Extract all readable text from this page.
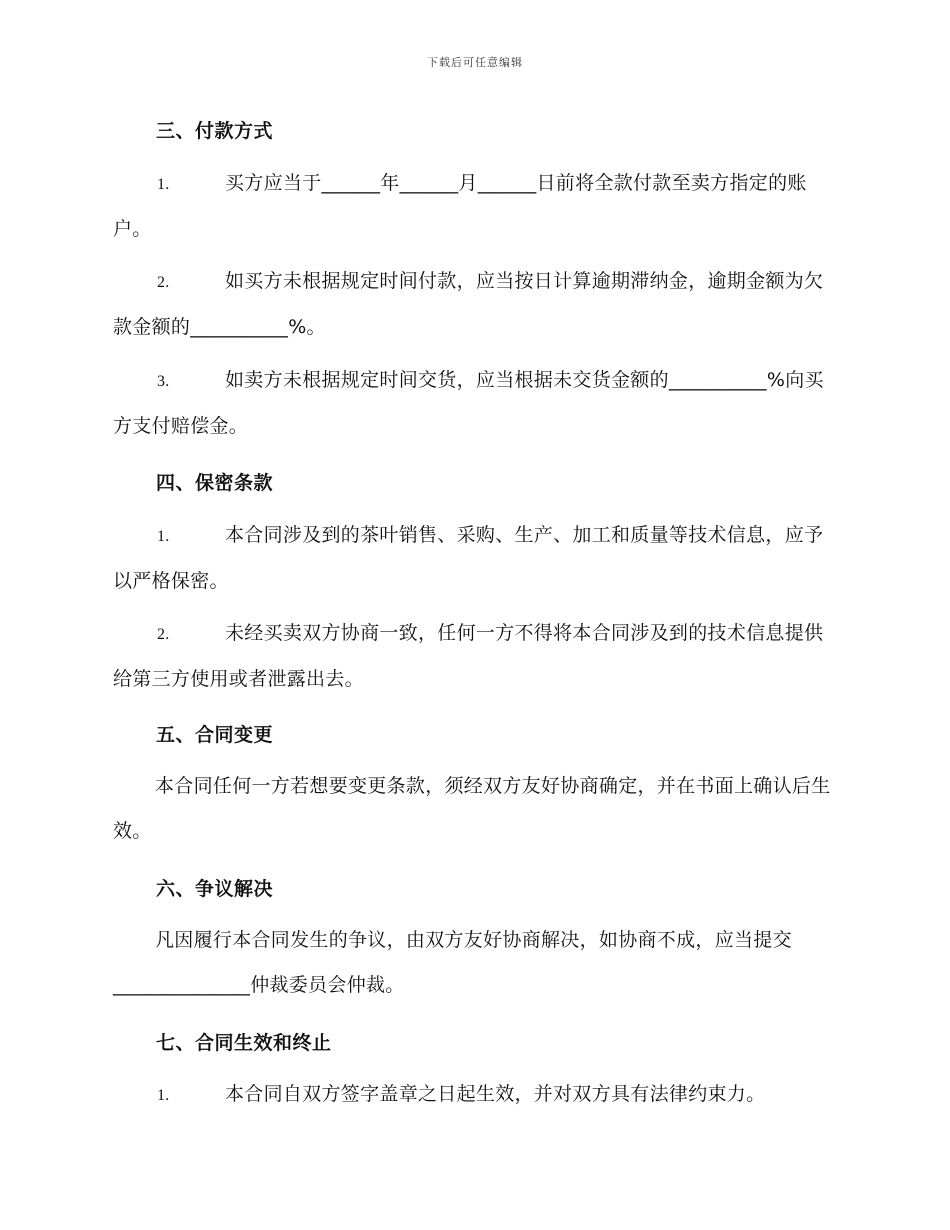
下载后可任意编辑
三、付款方式
1.	买方应当于______年______月______日前将全款付款至卖方指定的账户。
2.	如买方未根据规定时间付款，应当按日计算逾期滞纳金，逾期金额为欠款金额的__________%。
3.	如卖方未根据规定时间交货，应当根据未交货金额的__________%向买方支付赔偿金。
四、保密条款
1.	本合同涉及到的茶叶销售、采购、生产、加工和质量等技术信息，应予以严格保密。
2.	未经买卖双方协商一致，任何一方不得将本合同涉及到的技术信息提供给第三方使用或者泄露出去。
五、合同变更
本合同任何一方若想要变更条款，须经双方友好协商确定，并在书面上确认后生效。
六、争议解决
凡因履行本合同发生的争议，由双方友好协商解决，如协商不成，应当提交______________仲裁委员会仲裁。
七、合同生效和终止
1.	本合同自双方签字盖章之日起生效，并对双方具有法律约束力。
